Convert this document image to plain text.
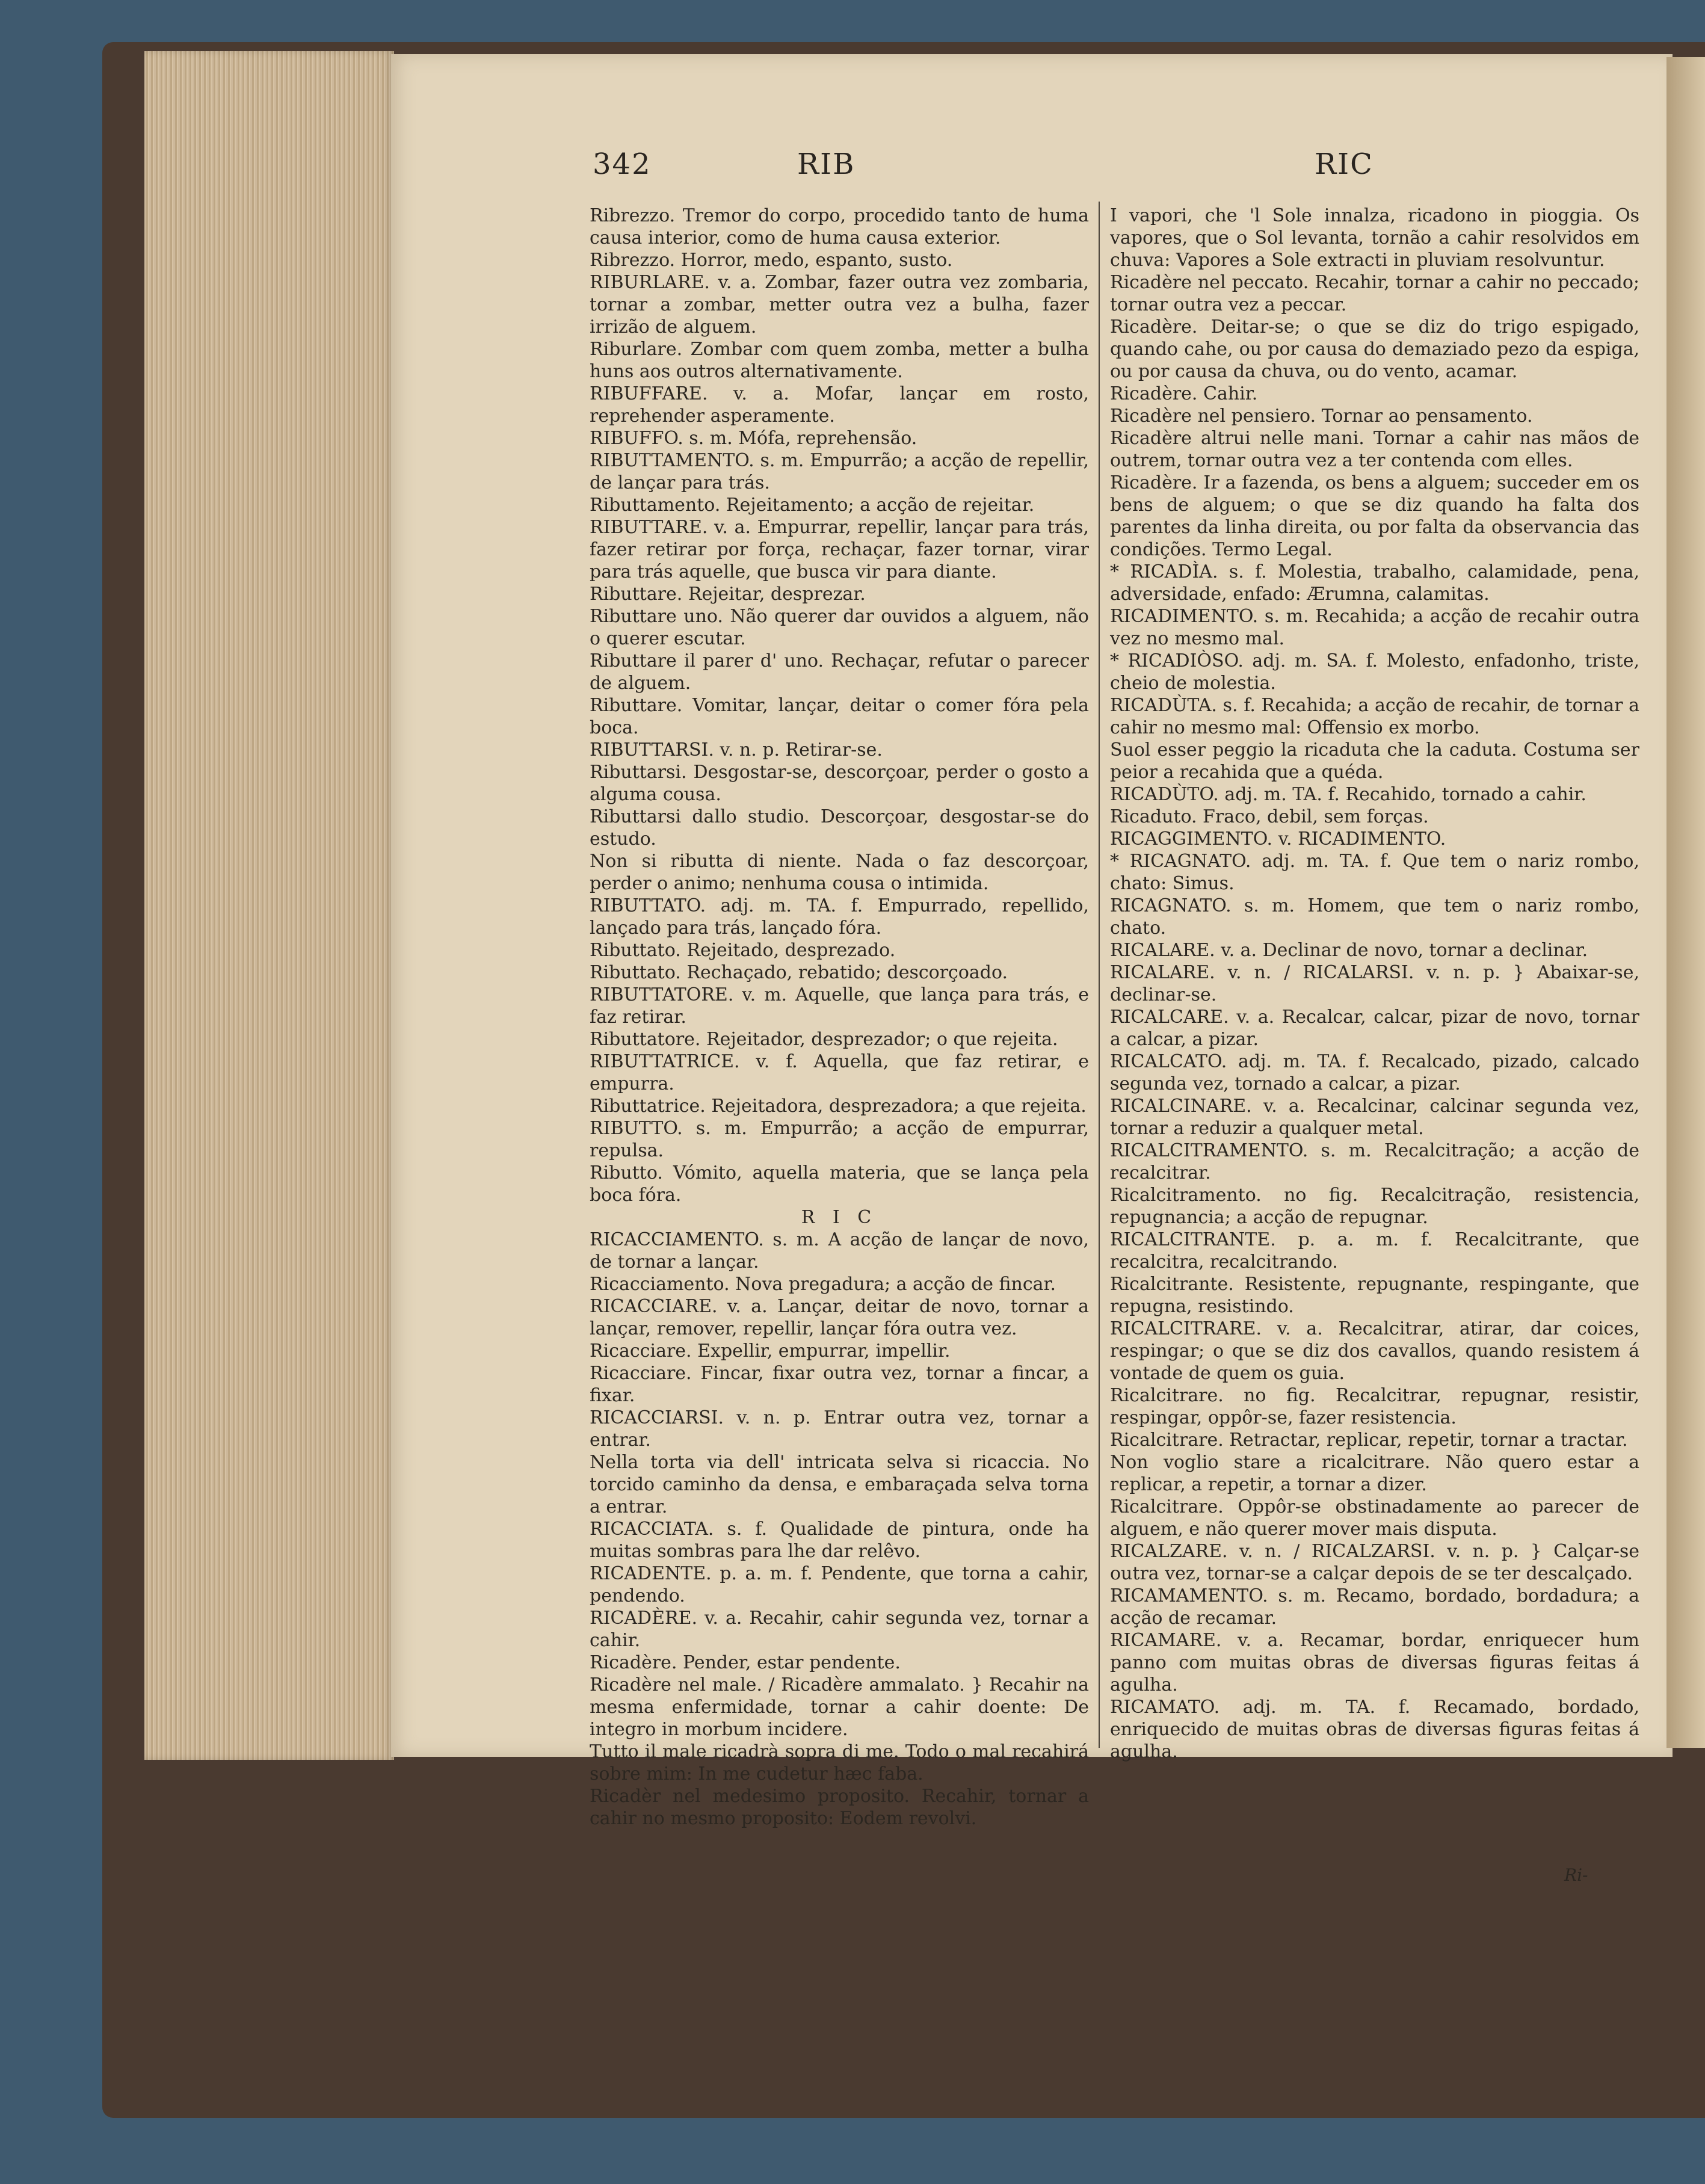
342	RIB	RIC

Ribrezzo. Tremor do corpo, procedido tanto de huma causa interior, como de huma causa exterior.

Ribrezzo. Horror, medo, espanto, susto.

RIBURLARE. v. a. Zombar, fazer outra vez zombaria, tornar a zombar, metter outra vez a bulha, fazer irrizão de alguem.

Riburlare. Zombar com quem zomba, metter a bulha huns aos outros alternativamente.

RIBUFFARE. v. a. Mofar, lançar em rosto, reprehender asperamente.

RIBUFFO. s. m. Mófa, reprehensão.

RIBUTTAMENTO. s. m. Empurrão; a acção de repellir, de lançar para trás.

Ributtamento. Rejeitamento; a acção de rejeitar.

RIBUTTARE. v. a. Empurrar, repellir, lançar para trás, fazer retirar por força, rechaçar, fazer tornar, virar para trás aquelle, que busca vir para diante.

Ributtare. Rejeitar, desprezar.

Ributtare uno. Não querer dar ouvidos a alguem, não o querer escutar.

Ributtare il parer d' uno. Rechaçar, refutar o parecer de alguem.

Ributtare. Vomitar, lançar, deitar o comer fóra pela boca.

RIBUTTARSI. v. n. p. Retirar-se.

Ributtarsi. Desgostar-se, descorçoar, perder o gosto a alguma cousa.

Ributtarsi dallo studio. Descorçoar, desgostar-se do estudo.

Non si ributta di niente. Nada o faz descorçoar, perder o animo; nenhuma cousa o intimida.

RIBUTTATO. adj. m. TA. f. Empurrado, repellido, lançado para trás, lançado fóra.

Ributtato. Rejeitado, desprezado.

Ributtato. Rechaçado, rebatido; descorçoado.

RIBUTTATORE. v. m. Aquelle, que lança para trás, e faz retirar.

Ributtatore. Rejeitador, desprezador; o que rejeita.

RIBUTTATRICE. v. f. Aquella, que faz retirar, e empurra.

Ributtatrice. Rejeitadora, desprezadora; a que rejeita.

RIBUTTO. s. m. Empurrão; a acção de empurrar, repulsa.

Ributto. Vómito, aquella materia, que se lança pela boca fóra.

R I C

RICACCIAMENTO. s. m. A acção de lançar de novo, de tornar a lançar.

Ricacciamento. Nova pregadura; a acção de fincar.

RICACCIARE. v. a. Lançar, deitar de novo, tornar a lançar, remover, repellir, lançar fóra outra vez.

Ricacciare. Expellir, empurrar, impellir.

Ricacciare. Fincar, fixar outra vez, tornar a fincar, a fixar.

RICACCIARSI. v. n. p. Entrar outra vez, tornar a entrar.

Nella torta via dell' intricata selva si ricaccia. No torcido caminho da densa, e embaraçada selva torna a entrar.

RICACCIATA. s. f. Qualidade de pintura, onde ha muitas sombras para lhe dar relêvo.

RICADENTE. p. a. m. f. Pendente, que torna a cahir, pendendo.

RICADÈRE. v. a. Recahir, cahir segunda vez, tornar a cahir.

Ricadère. Pender, estar pendente.

Ricadère nel male. / Ricadère ammalato. } Recahir na mesma enfermidade, tornar a cahir doente: De integro in morbum incidere.

Tutto il male ricadrà sopra di me. Todo o mal recahirá sobre mim: In me cudetur hæc faba.

Ricadèr nel medesimo proposito. Recahir, tornar a cahir no mesmo proposito: Eodem revolvi.

I vapori, che 'l Sole innalza, ricadono in pioggia. Os vapores, que o Sol levanta, tornão a cahir resolvidos em chuva: Vapores a Sole extracti in pluviam resolvuntur.

Ricadère nel peccato. Recahir, tornar a cahir no peccado; tornar outra vez a peccar.

Ricadère. Deitar-se; o que se diz do trigo espigado, quando cahe, ou por causa do demaziado pezo da espiga, ou por causa da chuva, ou do vento, acamar.

Ricadère. Cahir.

Ricadère nel pensiero. Tornar ao pensamento.

Ricadère altrui nelle mani. Tornar a cahir nas mãos de outrem, tornar outra vez a ter contenda com elles.

Ricadère. Ir a fazenda, os bens a alguem; succeder em os bens de alguem; o que se diz quando ha falta dos parentes da linha direita, ou por falta da observancia das condições. Termo Legal.

* RICADÌA. s. f. Molestia, trabalho, calamidade, pena, adversidade, enfado: Ærumna, calamitas.

RICADIMENTO. s. m. Recahida; a acção de recahir outra vez no mesmo mal.

* RICADIÒSO. adj. m. SA. f. Molesto, enfadonho, triste, cheio de molestia.

RICADÙTA. s. f. Recahida; a acção de recahir, de tornar a cahir no mesmo mal: Offensio ex morbo.

Suol esser peggio la ricaduta che la caduta. Costuma ser peior a recahida que a quéda.

RICADÙTO. adj. m. TA. f. Recahido, tornado a cahir.

Ricaduto. Fraco, debil, sem forças.

RICAGGIMENTO. v. RICADIMENTO.

* RICAGNATO. adj. m. TA. f. Que tem o nariz rombo, chato: Simus.

RICAGNATO. s. m. Homem, que tem o nariz rombo, chato.

RICALARE. v. a. Declinar de novo, tornar a declinar.

RICALARE. v. n. / RICALARSI. v. n. p. } Abaixar-se, declinar-se.

RICALCARE. v. a. Recalcar, calcar, pizar de novo, tornar a calcar, a pizar.

RICALCATO. adj. m. TA. f. Recalcado, pizado, calcado segunda vez, tornado a calcar, a pizar.

RICALCINARE. v. a. Recalcinar, calcinar segunda vez, tornar a reduzir a qualquer metal.

RICALCITRAMENTO. s. m. Recalcitração; a acção de recalcitrar.

Ricalcitramento. no fig. Recalcitração, resistencia, repugnancia; a acção de repugnar.

RICALCITRANTE. p. a. m. f. Recalcitrante, que recalcitra, recalcitrando.

Ricalcitrante. Resistente, repugnante, respingante, que repugna, resistindo.

RICALCITRARE. v. a. Recalcitrar, atirar, dar coices, respingar; o que se diz dos cavallos, quando resistem á vontade de quem os guia.

Ricalcitrare. no fig. Recalcitrar, repugnar, resistir, respingar, oppôr-se, fazer resistencia.

Ricalcitrare. Retractar, replicar, repetir, tornar a tractar.

Non voglio stare a ricalcitrare. Não quero estar a replicar, a repetir, a tornar a dizer.

Ricalcitrare. Oppôr-se obstinadamente ao parecer de alguem, e não querer mover mais disputa.

RICALZARE. v. n. / RICALZARSI. v. n. p. } Calçar-se outra vez, tornar-se a calçar depois de se ter descalçado.

RICAMAMENTO. s. m. Recamo, bordado, bordadura; a acção de recamar.

RICAMARE. v. a. Recamar, bordar, enriquecer hum panno com muitas obras de diversas figuras feitas á agulha.

RICAMATO. adj. m. TA. f. Recamado, bordado, enriquecido de muitas obras de diversas figuras feitas á agulha.

Ri-
